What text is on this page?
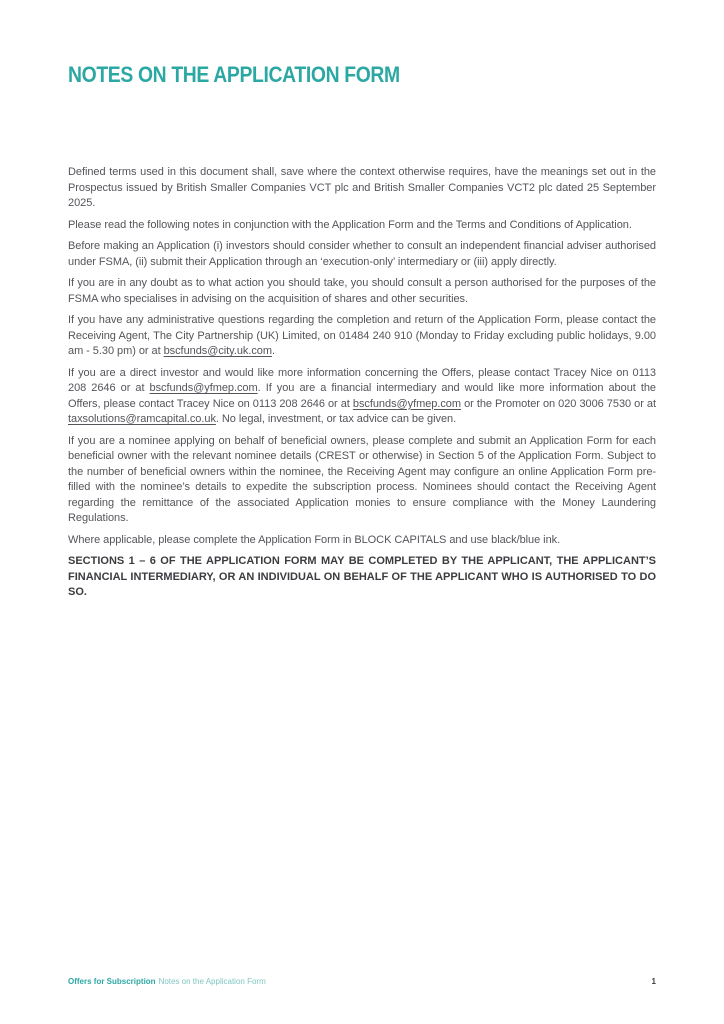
NOTES ON THE APPLICATION FORM

Defined terms used in this document shall, save where the context otherwise requires, have the meanings set out in the Prospectus issued by British Smaller Companies VCT plc and British Smaller Companies VCT2 plc dated 25 September 2025.

Please read the following notes in conjunction with the Application Form and the Terms and Conditions of Application.

Before making an Application (i) investors should consider whether to consult an independent financial adviser authorised under FSMA, (ii) submit their Application through an ‘execution-only’ intermediary or (iii) apply directly.

If you are in any doubt as to what action you should take, you should consult a person authorised for the purposes of the FSMA who specialises in advising on the acquisition of shares and other securities.

If you have any administrative questions regarding the completion and return of the Application Form, please contact the Receiving Agent, The City Partnership (UK) Limited, on 01484 240 910 (Monday to Friday excluding public holidays, 9.00 am - 5.30 pm) or at bscfunds@city.uk.com.

If you are a direct investor and would like more information concerning the Offers, please contact Tracey Nice on 0113 208 2646 or at bscfunds@yfmep.com. If you are a financial intermediary and would like more information about the Offers, please contact Tracey Nice on 0113 208 2646 or at bscfunds@yfmep.com or the Promoter on 020 3006 7530 or at taxsolutions@ramcapital.co.uk. No legal, investment, or tax advice can be given.

If you are a nominee applying on behalf of beneficial owners, please complete and submit an Application Form for each beneficial owner with the relevant nominee details (CREST or otherwise) in Section 5 of the Application Form. Subject to the number of beneficial owners within the nominee, the Receiving Agent may configure an online Application Form pre-filled with the nominee’s details to expedite the subscription process. Nominees should contact the Receiving Agent regarding the remittance of the associated Application monies to ensure compliance with the Money Laundering Regulations.

Where applicable, please complete the Application Form in BLOCK CAPITALS and use black/blue ink.

SECTIONS 1 – 6 OF THE APPLICATION FORM MAY BE COMPLETED BY THE APPLICANT, THE APPLICANT’S FINANCIAL INTERMEDIARY, OR AN INDIVIDUAL ON BEHALF OF THE APPLICANT WHO IS AUTHORISED TO DO SO.

Offers for Subscription Notes on the Application Form	1
